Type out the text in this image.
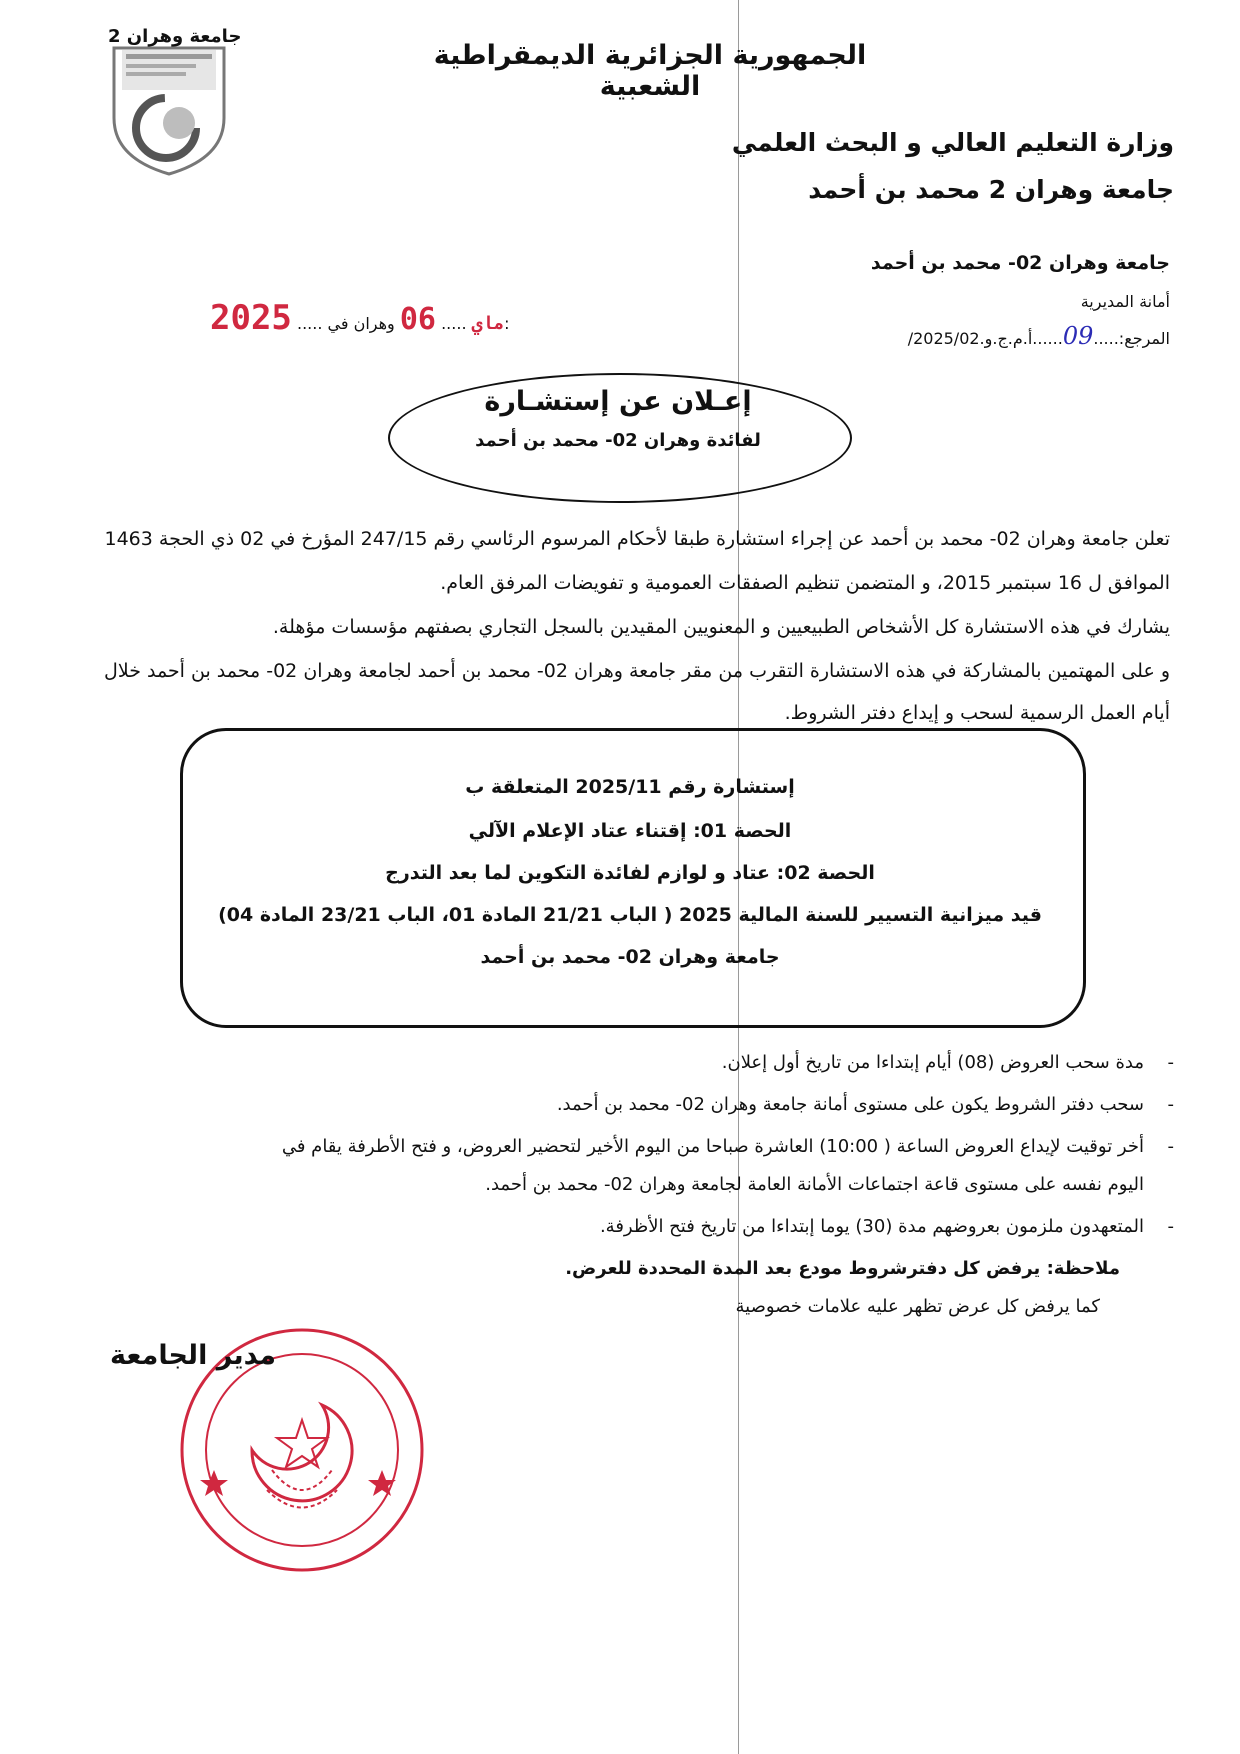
جامعة وهران 2
الجمهورية الجزائرية الديمقراطية الشعبية
وزارة التعليم العالي و البحث العلمي
جامعة وهران 2 محمد بن أحمد
جامعة وهران 02- محمد بن أحمد
أمانة المديرية
المرجع:.....09....../أ.م.ج.و.2025/02
2025 .....	ماي ..... 06 وهران في:
إعـلان عن إستشـارة
لفائدة وهران 02- محمد بن أحمد
تعلن جامعة وهران 02- محمد بن أحمد عن إجراء استشارة طبقا لأحكام المرسوم الرئاسي رقم 247/15 المؤرخ في 02 ذي الحجة 1463
الموافق ل 16 سبتمبر 2015، و المتضمن تنظيم الصفقات العمومية و تفويضات المرفق العام.
يشارك في هذه الاستشارة كل الأشخاص الطبيعيين و المعنويين المقيدين بالسجل التجاري بصفتهم مؤسسات مؤهلة.
و على المهتمين بالمشاركة في هذه الاستشارة التقرب من مقر جامعة وهران 02- محمد بن أحمد لجامعة وهران 02- محمد بن أحمد خلال
أيام العمل الرسمية لسحب و إيداع دفتر الشروط.
إستشارة رقم 2025/11 المتعلقة ب
الحصة 01: إقتناء عتاد الإعلام الآلي
الحصة 02: عتاد و لوازم لفائدة التكوين لما بعد التدرج
قيد ميزانية التسيير للسنة المالية 2025 ( الباب 21/21 المادة 01، الباب 23/21 المادة 04)
جامعة وهران 02- محمد بن أحمد
-
مدة سحب العروض (08) أيام إبتداءا من تاريخ أول إعلان.
-
سحب دفتر الشروط يكون على مستوى أمانة جامعة وهران 02- محمد بن أحمد.
-
أخر توقيت لإيداع العروض الساعة ( 10:00) العاشرة صباحا من اليوم الأخير لتحضير العروض، و فتح الأطرفة يقام في
اليوم نفسه على مستوى قاعة اجتماعات الأمانة العامة لجامعة وهران 02- محمد بن أحمد.
-
المتعهدون ملزمون بعروضهم مدة (30) يوما إبتداءا من تاريخ فتح الأظرفة.
ملاحظة: يرفض كل دفترشروط مودع بعد المدة المحددة للعرض.
كما يرفض كل عرض تظهر عليه علامات خصوصية
مدير الجامعة
